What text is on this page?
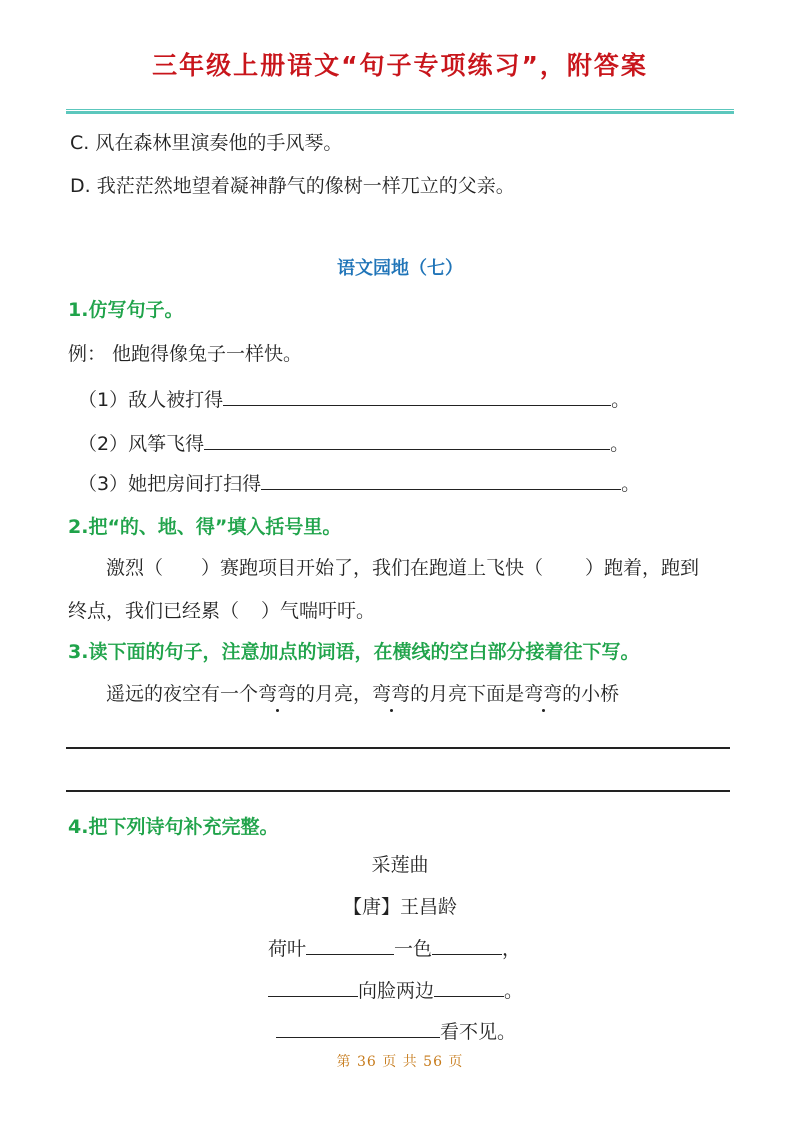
三年级上册语文“句子专项练习”，附答案
C. 风在森林里演奏他的手风琴。
D. 我茫茫然地望着凝神静气的像树一样兀立的父亲。
语文园地（七）
1.仿写句子。
例： 他跑得像兔子一样快。
（1）敌人被打得	。
（2）风筝飞得	。
（3）她把房间打扫得	。
2.把“的、地、得”填入括号里。
激烈（ ）赛跑项目开始了，我们在跑道上飞快（ ）跑着，跑到
终点，我们已经累（ ）气喘吁吁。
3.读下面的句子，注意加点的词语，在横线的空白部分接着往下写。
遥远的夜空有一个弯弯的月亮，弯弯的月亮下面是弯弯的小桥
4.把下列诗句补充完整。
采莲曲
【唐】王昌龄
荷叶	一色	，
向脸两边	。
看不见。
第 36 页 共 56 页
